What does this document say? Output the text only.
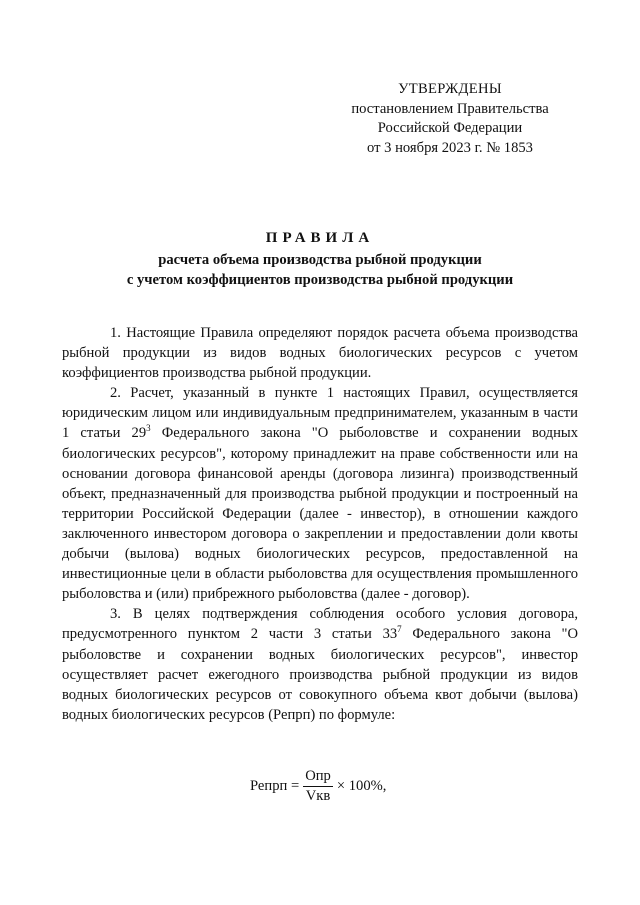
УТВЕРЖДЕНЫ
постановлением Правительства
Российской Федерации
от 3 ноября 2023 г. № 1853
ПРАВИЛА
расчета объема производства рыбной продукции
с учетом коэффициентов производства рыбной продукции

1. Настоящие Правила определяют порядок расчета объема производства рыбной продукции из видов водных биологических ресурсов с учетом коэффициентов производства рыбной продукции.

2. Расчет, указанный в пункте 1 настоящих Правил, осуществляется юридическим лицом или индивидуальным предпринимателем, указанным в части 1 статьи $29^3$ Федерального закона "О рыболовстве и сохранении водных биологических ресурсов", которому принадлежит на праве собственности или на основании договора финансовой аренды (договора лизинга) производственный объект, предназначенный для производства рыбной продукции и построенный на территории Российской Федерации (далее - инвестор), в отношении каждого заключенного инвестором договора о закреплении и предоставлении доли квоты добычи (вылова) водных биологических ресурсов, предоставленной на инвестиционные цели в области рыболовства для осуществления промышленного рыболовства и (или) прибрежного рыболовства (далее - договор).

3. В целях подтверждения соблюдения особого условия договора, предусмотренного пунктом 2 части 3 статьи $33^7$ Федерального закона "О рыболовстве и сохранении водных биологических ресурсов", инвестор осуществляет расчет ежегодного производства рыбной продукции из видов водных биологических ресурсов от совокупного объема квот добычи (вылова) водных биологических ресурсов (Репрп) по формуле:

Репрп = $\frac{\text{Опр}}{\text{Vкв}} \times 100\%$,
